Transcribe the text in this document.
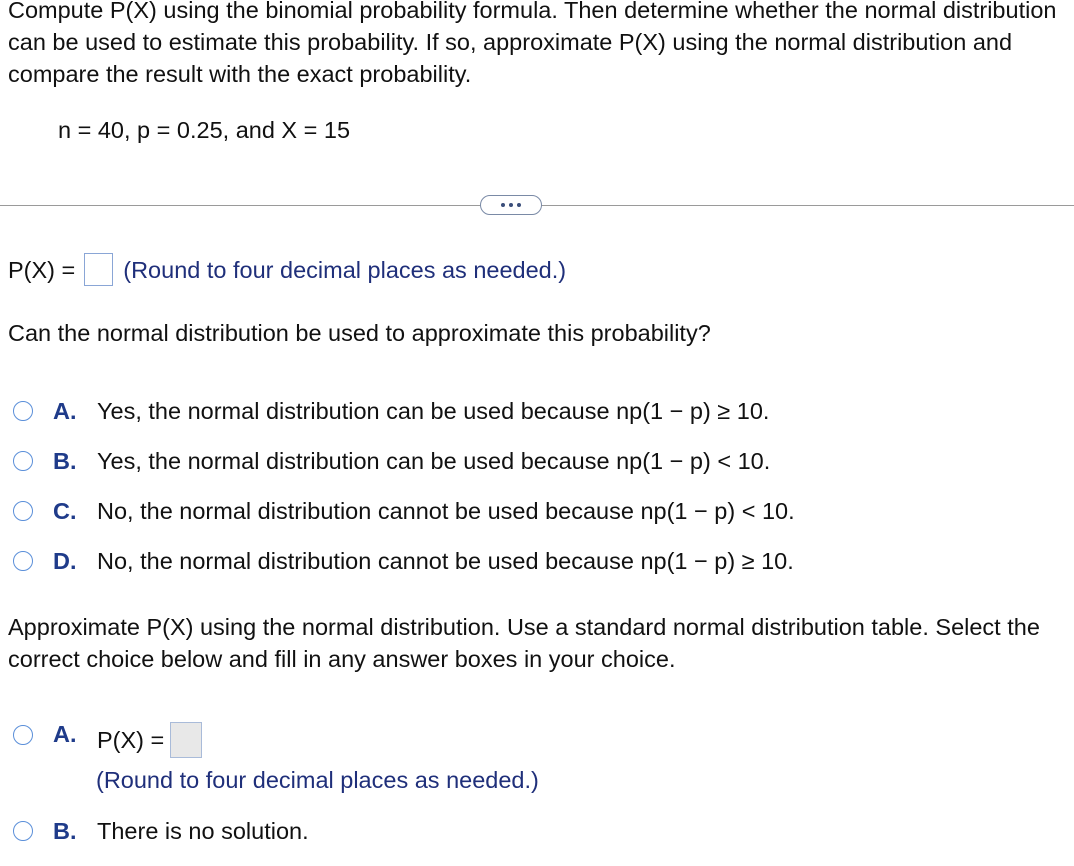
Compute P(X) using the binomial probability formula. Then determine whether the normal distribution can be used to estimate this probability. If so, approximate P(X) using the normal distribution and compare the result with the exact probability.

n = 40, p = 0.25, and X = 15

P(X) = (Round to four decimal places as needed.)

Can the normal distribution be used to approximate this probability?

A. Yes, the normal distribution can be used because np(1 − p) ≥ 10.
B. Yes, the normal distribution can be used because np(1 − p) < 10.
C. No, the normal distribution cannot be used because np(1 − p) < 10.
D. No, the normal distribution cannot be used because np(1 − p) ≥ 10.

Approximate P(X) using the normal distribution. Use a standard normal distribution table. Select the correct choice below and fill in any answer boxes in your choice.

A. P(X) =
(Round to four decimal places as needed.)
B. There is no solution.
